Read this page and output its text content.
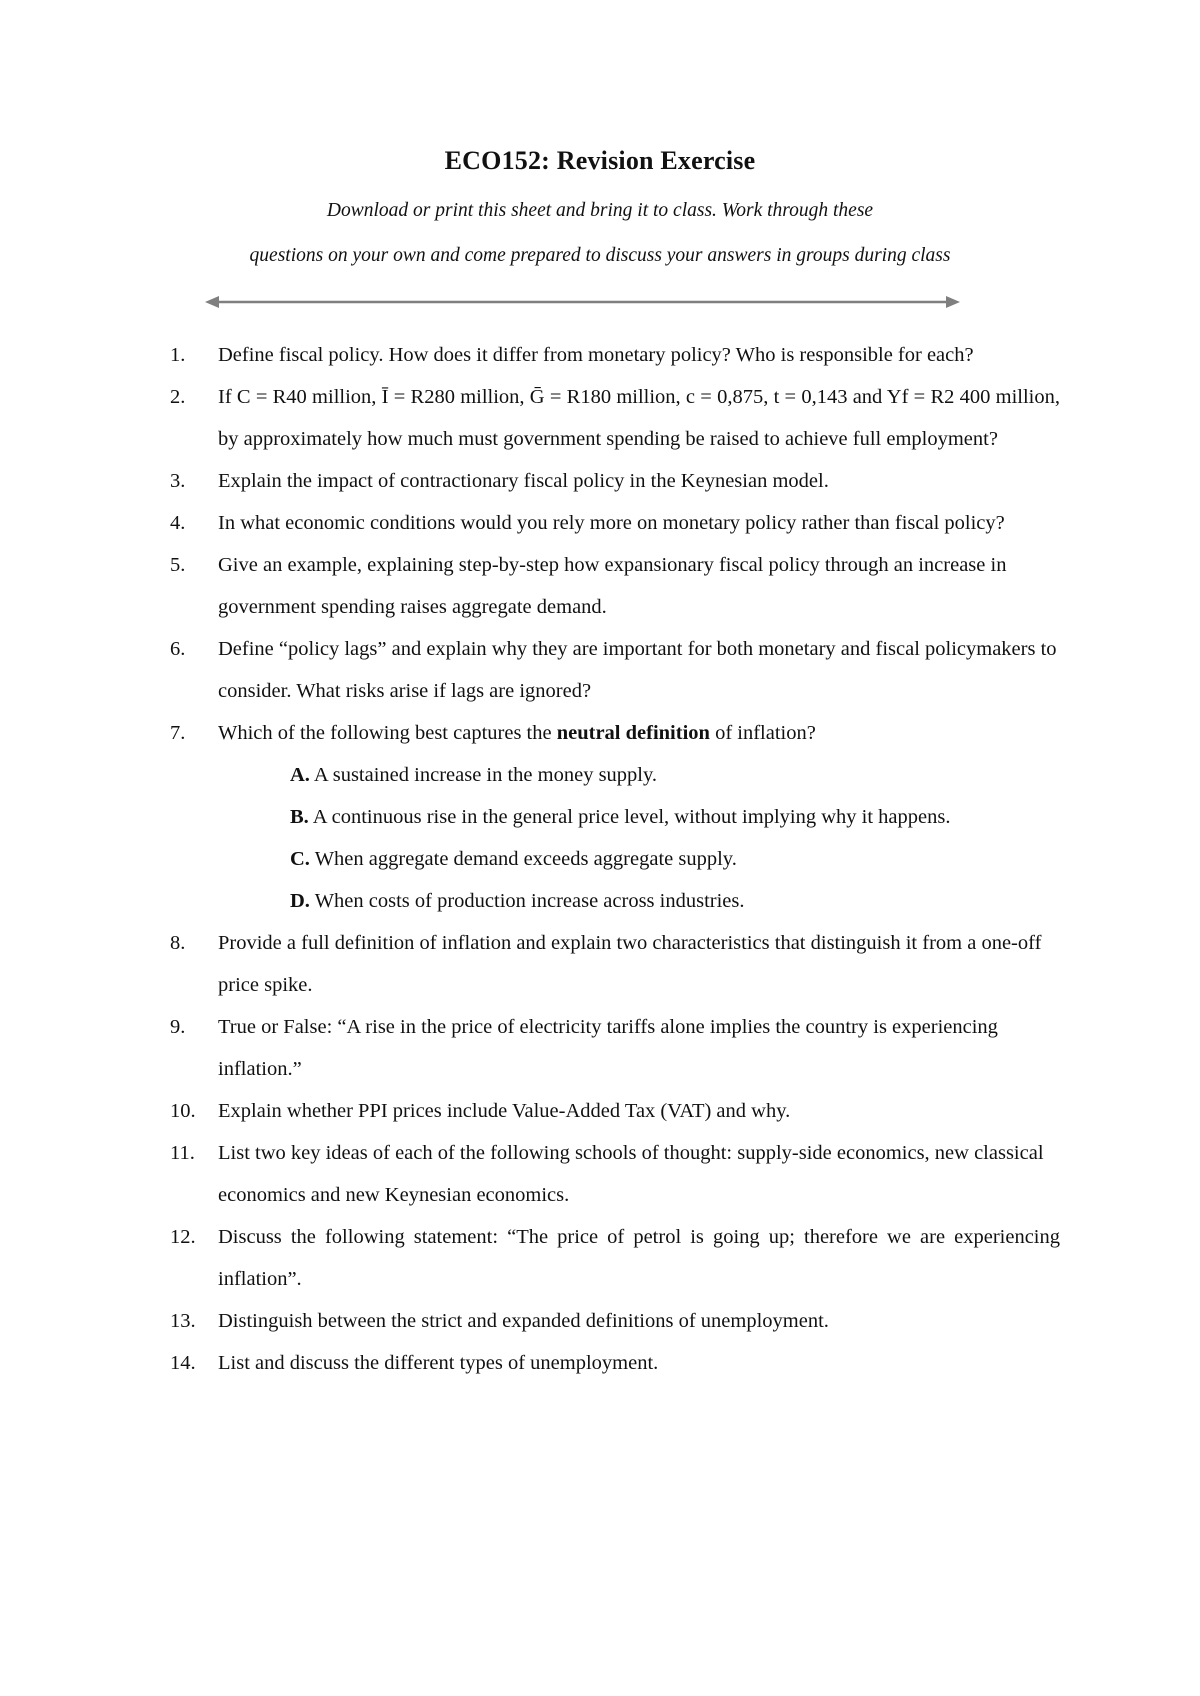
ECO152: Revision Exercise
Download or print this sheet and bring it to class. Work through these
questions on your own and come prepared to discuss your answers in groups during class
1. Define fiscal policy. How does it differ from monetary policy? Who is responsible for each?
2. If C = R40 million, Ī = R280 million, Ḡ = R180 million, c = 0,875, t = 0,143 and Yf = R2 400 million, by approximately how much must government spending be raised to achieve full employment?
3. Explain the impact of contractionary fiscal policy in the Keynesian model.
4. In what economic conditions would you rely more on monetary policy rather than fiscal policy?
5. Give an example, explaining step-by-step how expansionary fiscal policy through an increase in government spending raises aggregate demand.
6. Define “policy lags” and explain why they are important for both monetary and fiscal policymakers to consider. What risks arise if lags are ignored?
7. Which of the following best captures the neutral definition of inflation?
A. A sustained increase in the money supply.
B. A continuous rise in the general price level, without implying why it happens.
C. When aggregate demand exceeds aggregate supply.
D. When costs of production increase across industries.
8. Provide a full definition of inflation and explain two characteristics that distinguish it from a one-off price spike.
9. True or False: “A rise in the price of electricity tariffs alone implies the country is experiencing inflation.”
10. Explain whether PPI prices include Value-Added Tax (VAT) and why.
11. List two key ideas of each of the following schools of thought: supply-side economics, new classical economics and new Keynesian economics.
12. Discuss the following statement: “The price of petrol is going up; therefore we are experiencing inflation”.
13. Distinguish between the strict and expanded definitions of unemployment.
14. List and discuss the different types of unemployment.
